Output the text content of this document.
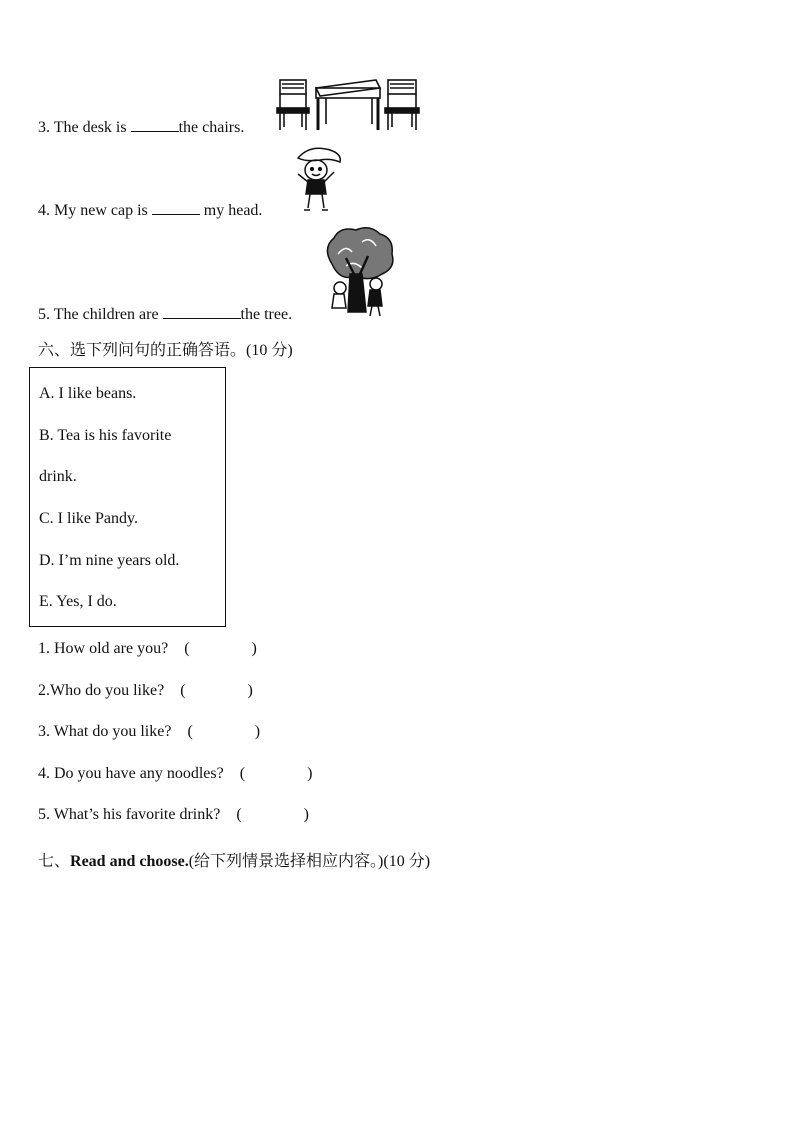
3. The desk is	the chairs.
4. My new cap is	my head.
5. The children are	the tree.
六、选下列问句的正确答语。(10 分)
A. I like beans.
B. Tea is his favorite
drink.
C. I like Pandy.
D. I’m nine years old.
E. Yes, I do.
1. How old are you? (	)
2.Who do you like? (	)
3. What do you like? (	)
4. Do you have any noodles? (	)
5. What’s his favorite drink? (	)
七、Read and choose.(给下列情景选择相应内容。)(10 分)
